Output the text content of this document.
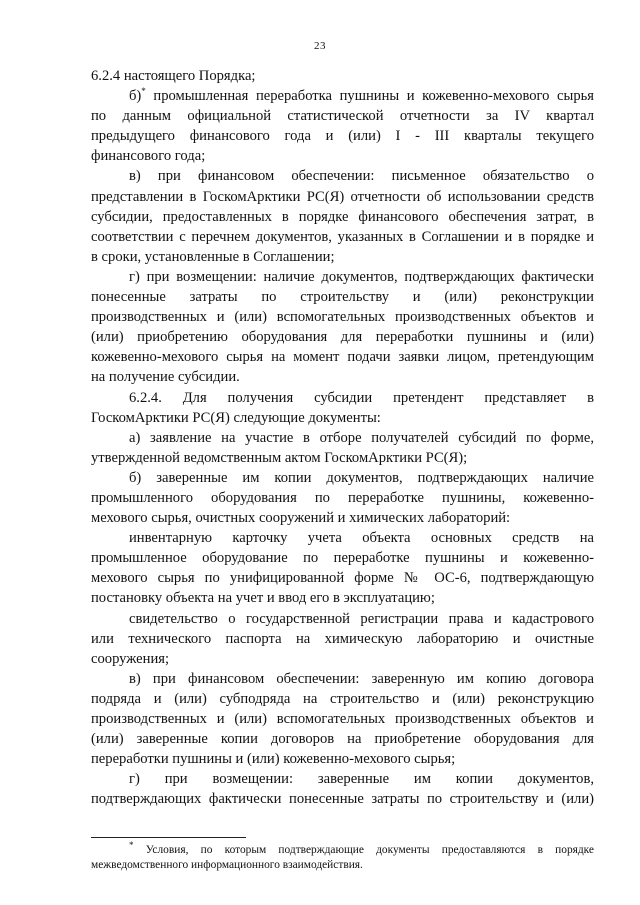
23
6.2.4 настоящего Порядка;
б)* промышленная переработка пушнины и кожевенно-мехового сырья
по данным официальной статистической отчетности за IV квартал
предыдущего финансового года и (или) I - III кварталы текущего
финансового года;
в) при финансовом обеспечении: письменное обязательство о
представлении в ГоскомАрктики РС(Я) отчетности об использовании средств
субсидии, предоставленных в порядке финансового обеспечения затрат, в
соответствии с перечнем документов, указанных в Соглашении и в порядке и
в сроки, установленные в Соглашении;
г) при возмещении: наличие документов, подтверждающих фактически
понесенные затраты по строительству и (или) реконструкции
производственных и (или) вспомогательных производственных объектов и
(или) приобретению оборудования для переработки пушнины и (или)
кожевенно-мехового сырья на момент подачи заявки лицом, претендующим
на получение субсидии.
6.2.4. Для получения субсидии претендент представляет в
ГоскомАрктики РС(Я) следующие документы:
а) заявление на участие в отборе получателей субсидий по форме,
утвержденной ведомственным актом ГоскомАрктики РС(Я);
б) заверенные им копии документов, подтверждающих наличие
промышленного оборудования по переработке пушнины, кожевенно-
мехового сырья, очистных сооружений и химических лабораторий:
инвентарную карточку учета объекта основных средств на
промышленное оборудование по переработке пушнины и кожевенно-
мехового сырья по унифицированной форме № ОС-6, подтверждающую
постановку объекта на учет и ввод его в эксплуатацию;
свидетельство о государственной регистрации права и кадастрового
или технического паспорта на химическую лабораторию и очистные
сооружения;
в) при финансовом обеспечении: заверенную им копию договора
подряда и (или) субподряда на строительство и (или) реконструкцию
производственных и (или) вспомогательных производственных объектов и
(или) заверенные копии договоров на приобретение оборудования для
переработки пушнины и (или) кожевенно-мехового сырья;
г) при возмещении: заверенные им копии документов,
подтверждающих фактически понесенные затраты по строительству и (или)
* Условия, по которым подтверждающие документы предоставляются в порядке
межведомственного информационного взаимодействия.
